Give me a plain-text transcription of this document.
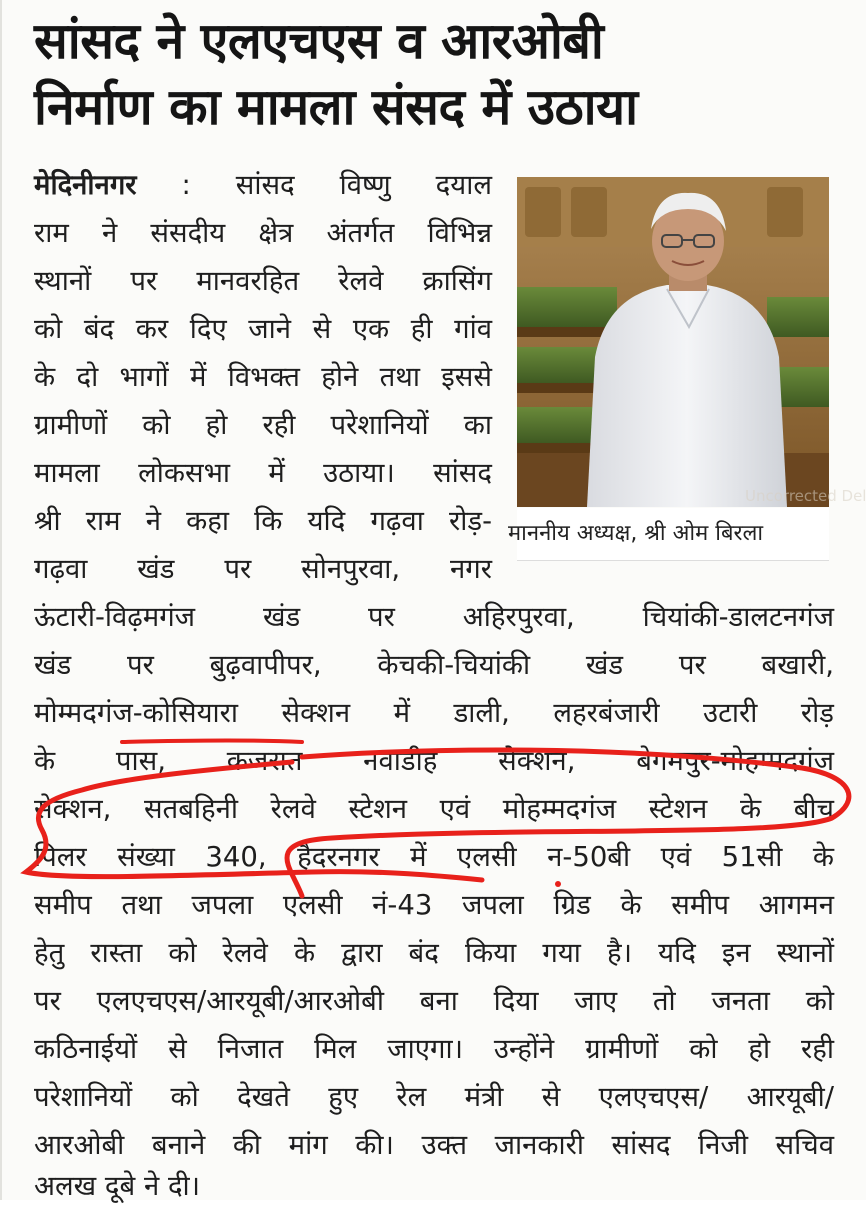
सांसद ने एलएचएस व आरओबी
निर्माण का मामला संसद में उठाया
मेदिनीनगर : सांसद विष्णु दयाल
राम ने संसदीय क्षेत्र अंतर्गत विभिन्न
स्थानों पर मानवरहित रेलवे क्रासिंग
को बंद कर दिए जाने से एक ही गांव
के दो भागों में विभक्त होने तथा इससे
ग्रामीणों को हो रही परेशानियों का
मामला लोकसभा में उठाया। सांसद
श्री राम ने कहा कि यदि गढ़वा रोड़-
गढ़वा खंड पर सोनपुरवा, नगर
ऊंटारी-विढ़मगंज खंड पर अहिरपुरवा, चियांकी-डालटनगंज
खंड पर बुढ़वापीपर, केचकी-चियांकी खंड पर बखारी,
मोम्मदगंज-कोसियारा सेक्शन में डाली, लहरबंजारी उटारी रोड़
के पास, कजरात नवाडीह सेक्शन, बेगमपुर-मोहम्मदगंज
सेक्शन, सतबहिनी रेलवे स्टेशन एवं मोहम्मदगंज स्टेशन के बीच
पिलर संख्या 340, हैदरनगर में एलसी न-50बी एवं 51सी के
समीप तथा जपला एलसी नं-43 जपला ग्रिड के समीप आगमन
हेतु रास्ता को रेलवे के द्वारा बंद किया गया है। यदि इन स्थानों
पर एलएचएस/आरयूबी/आरओबी बना दिया जाए तो जनता को
कठिनाईयों से निजात मिल जाएगा। उन्होंने ग्रामीणों को हो रही
परेशानियों को देखते हुए रेल मंत्री से एलएचएस/ आरयूबी/
आरओबी बनाने की मांग की। उक्त जानकारी सांसद निजी सचिव
अलख दूबे ने दी।
Uncorrected Del
माननीय अध्यक्ष, श्री ओम बिरला
